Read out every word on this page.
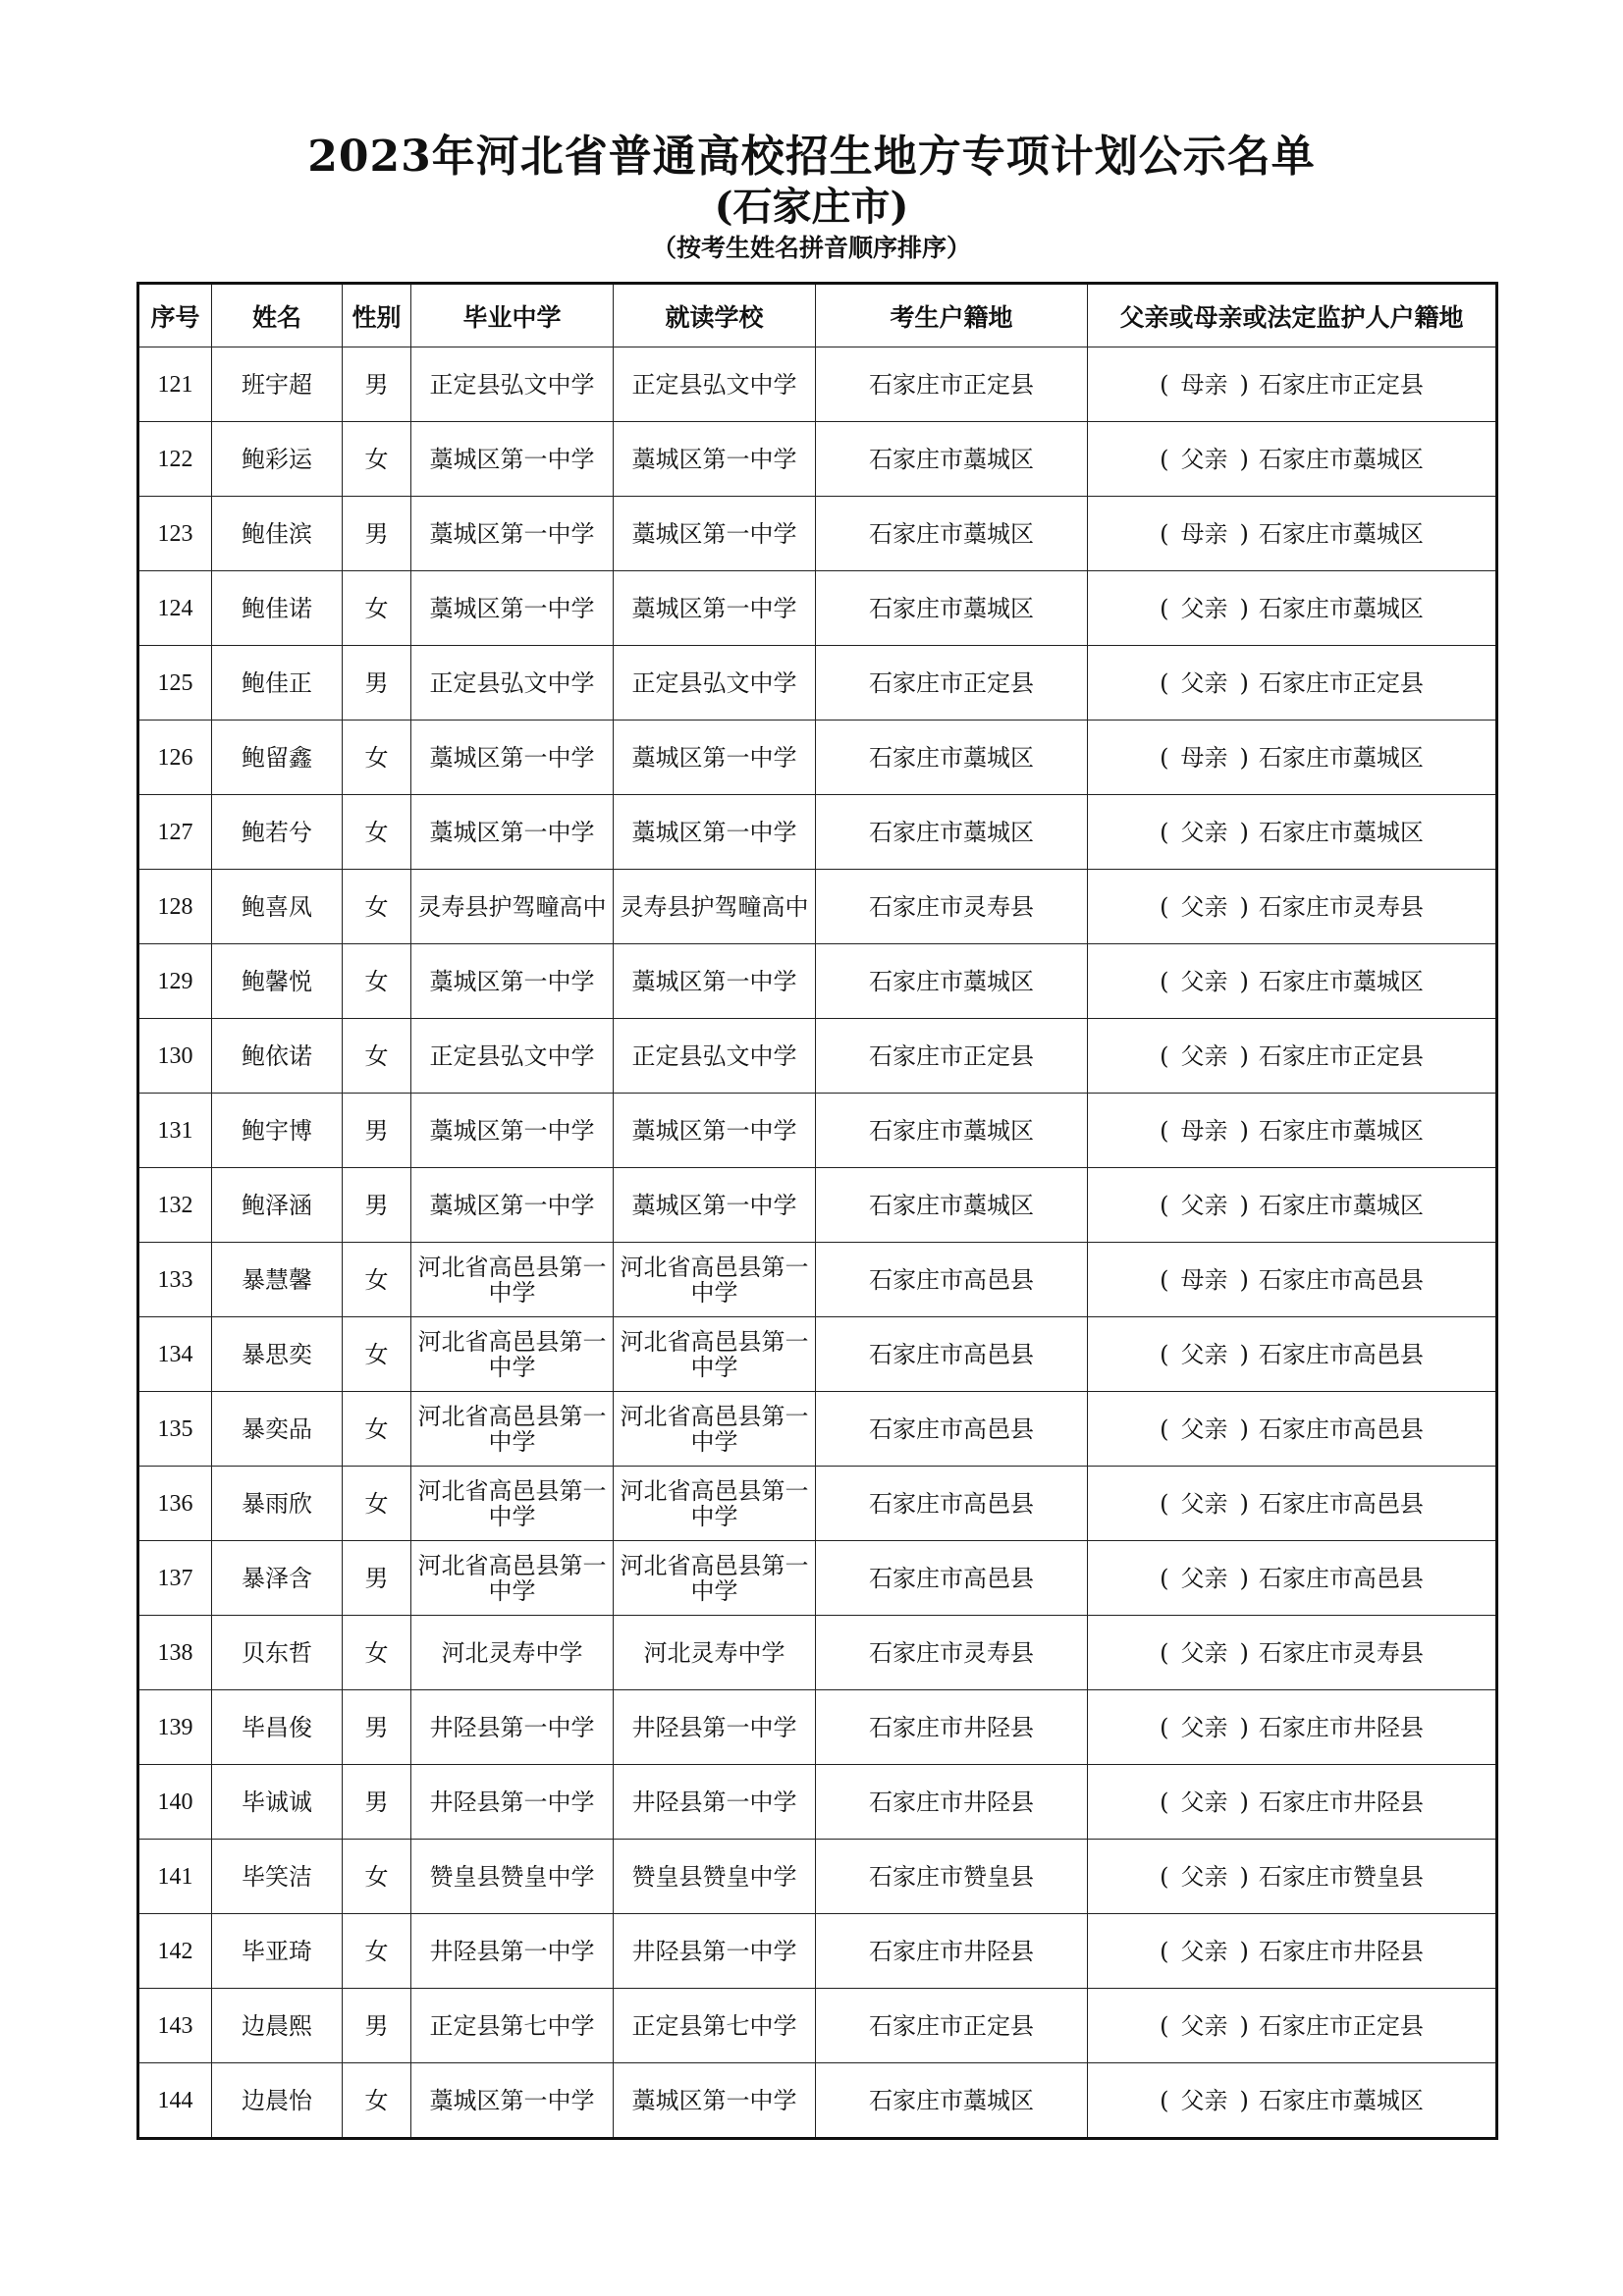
2023年河北省普通高校招生地方专项计划公示名单
(石家庄市)
（按考生姓名拼音顺序排序）
序号	姓名	性别	毕业中学	就读学校	考生户籍地	父亲或母亲或法定监护人户籍地
121	班宇超	男	正定县弘文中学	正定县弘文中学	石家庄市正定县	( 母亲 ) 石家庄市正定县
122	鲍彩运	女	藁城区第一中学	藁城区第一中学	石家庄市藁城区	( 父亲 ) 石家庄市藁城区
123	鲍佳滨	男	藁城区第一中学	藁城区第一中学	石家庄市藁城区	( 母亲 ) 石家庄市藁城区
124	鲍佳诺	女	藁城区第一中学	藁城区第一中学	石家庄市藁城区	( 父亲 ) 石家庄市藁城区
125	鲍佳正	男	正定县弘文中学	正定县弘文中学	石家庄市正定县	( 父亲 ) 石家庄市正定县
126	鲍留鑫	女	藁城区第一中学	藁城区第一中学	石家庄市藁城区	( 母亲 ) 石家庄市藁城区
127	鲍若兮	女	藁城区第一中学	藁城区第一中学	石家庄市藁城区	( 父亲 ) 石家庄市藁城区
128	鲍喜凤	女	灵寿县护驾疃高中	灵寿县护驾疃高中	石家庄市灵寿县	( 父亲 ) 石家庄市灵寿县
129	鲍馨悦	女	藁城区第一中学	藁城区第一中学	石家庄市藁城区	( 父亲 ) 石家庄市藁城区
130	鲍依诺	女	正定县弘文中学	正定县弘文中学	石家庄市正定县	( 父亲 ) 石家庄市正定县
131	鲍宇博	男	藁城区第一中学	藁城区第一中学	石家庄市藁城区	( 母亲 ) 石家庄市藁城区
132	鲍泽涵	男	藁城区第一中学	藁城区第一中学	石家庄市藁城区	( 父亲 ) 石家庄市藁城区
133	暴慧馨	女	河北省高邑县第一中学	河北省高邑县第一中学	石家庄市高邑县	( 母亲 ) 石家庄市高邑县
134	暴思奕	女	河北省高邑县第一中学	河北省高邑县第一中学	石家庄市高邑县	( 父亲 ) 石家庄市高邑县
135	暴奕品	女	河北省高邑县第一中学	河北省高邑县第一中学	石家庄市高邑县	( 父亲 ) 石家庄市高邑县
136	暴雨欣	女	河北省高邑县第一中学	河北省高邑县第一中学	石家庄市高邑县	( 父亲 ) 石家庄市高邑县
137	暴泽含	男	河北省高邑县第一中学	河北省高邑县第一中学	石家庄市高邑县	( 父亲 ) 石家庄市高邑县
138	贝东哲	女	河北灵寿中学	河北灵寿中学	石家庄市灵寿县	( 父亲 ) 石家庄市灵寿县
139	毕昌俊	男	井陉县第一中学	井陉县第一中学	石家庄市井陉县	( 父亲 ) 石家庄市井陉县
140	毕诚诚	男	井陉县第一中学	井陉县第一中学	石家庄市井陉县	( 父亲 ) 石家庄市井陉县
141	毕笑洁	女	赞皇县赞皇中学	赞皇县赞皇中学	石家庄市赞皇县	( 父亲 ) 石家庄市赞皇县
142	毕亚琦	女	井陉县第一中学	井陉县第一中学	石家庄市井陉县	( 父亲 ) 石家庄市井陉县
143	边晨熙	男	正定县第七中学	正定县第七中学	石家庄市正定县	( 父亲 ) 石家庄市正定县
144	边晨怡	女	藁城区第一中学	藁城区第一中学	石家庄市藁城区	( 父亲 ) 石家庄市藁城区
